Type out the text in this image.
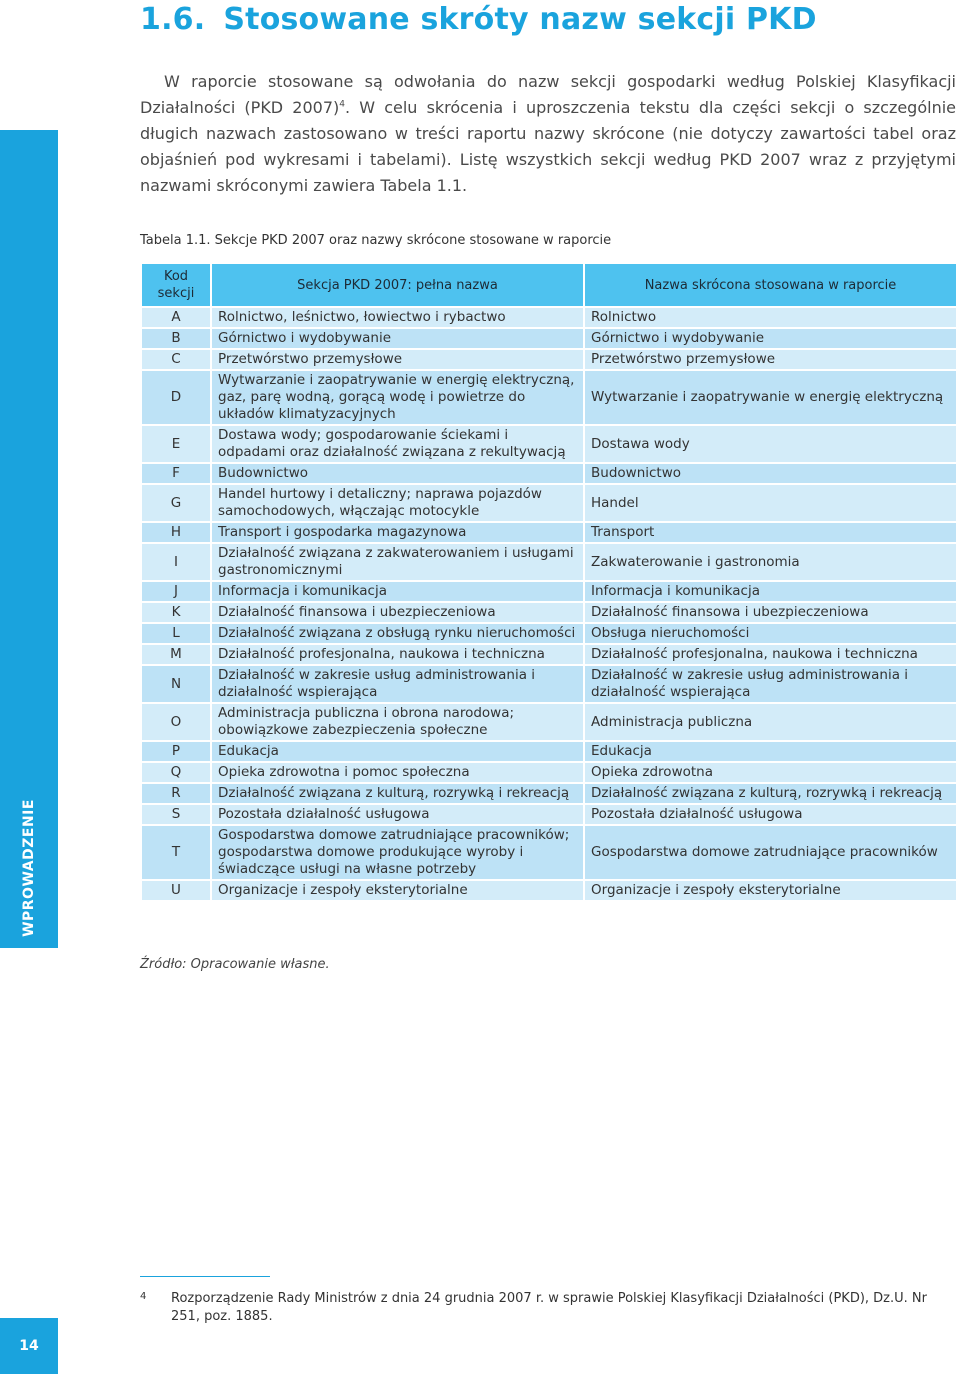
WPROWADZENIE
14
1.6. Stosowane skróty nazw sekcji PKD

W raporcie stosowane są odwołania do nazw sekcji gospodarki według Polskiej Klasyfikacji Działalności (PKD 2007)$^4$. W celu skrócenia i uproszczenia tekstu dla części sekcji o szczególnie długich nazwach zastosowano w treści raportu nazwy skrócone (nie dotyczy zawartości tabel oraz objaśnień pod wykresami i tabelami). Listę wszystkich sekcji według PKD 2007 wraz z przyjętymi nazwami skróconymi zawiera Tabela 1.1.

Tabela 1.1. Sekcje PKD 2007 oraz nazwy skrócone stosowane w raporcie

Kod sekcji	Sekcja PKD 2007: pełna nazwa	Nazwa skrócona stosowana w raporcie
A	Rolnictwo, leśnictwo, łowiectwo i rybactwo	Rolnictwo
B	Górnictwo i wydobywanie	Górnictwo i wydobywanie
C	Przetwórstwo przemysłowe	Przetwórstwo przemysłowe
D	Wytwarzanie i zaopatrywanie w energię elektryczną, gaz, parę wodną, gorącą wodę i powietrze do układów klimatyzacyjnych	Wytwarzanie i zaopatrywanie w energię elektryczną
E	Dostawa wody; gospodarowanie ściekami i odpadami oraz działalność związana z rekultywacją	Dostawa wody
F	Budownictwo	Budownictwo
G	Handel hurtowy i detaliczny; naprawa pojazdów samochodowych, włączając motocykle	Handel
H	Transport i gospodarka magazynowa	Transport
I	Działalność związana z zakwaterowaniem i usługami gastronomicznymi	Zakwaterowanie i gastronomia
J	Informacja i komunikacja	Informacja i komunikacja
K	Działalność finansowa i ubezpieczeniowa	Działalność finansowa i ubezpieczeniowa
L	Działalność związana z obsługą rynku nieruchomości	Obsługa nieruchomości
M	Działalność profesjonalna, naukowa i techniczna	Działalność profesjonalna, naukowa i techniczna
N	Działalność w zakresie usług administrowania i działalność wspierająca	Działalność w zakresie usług administrowania i działalność wspierająca
O	Administracja publiczna i obrona narodowa; obowiązkowe zabezpieczenia społeczne	Administracja publiczna
P	Edukacja	Edukacja
Q	Opieka zdrowotna i pomoc społeczna	Opieka zdrowotna
R	Działalność związana z kulturą, rozrywką i rekreacją	Działalność związana z kulturą, rozrywką i rekreacją
S	Pozostała działalność usługowa	Pozostała działalność usługowa
T	Gospodarstwa domowe zatrudniające pracowników; gospodarstwa domowe produkujące wyroby i świadczące usługi na własne potrzeby	Gospodarstwa domowe zatrudniające pracowników
U	Organizacje i zespoły eksterytorialne	Organizacje i zespoły eksterytorialne

Źródło: Opracowanie własne.

4	Rozporządzenie Rady Ministrów z dnia 24 grudnia 2007 r. w sprawie Polskiej Klasyfikacji Działalności (PKD), Dz.U. Nr 251, poz. 1885.
